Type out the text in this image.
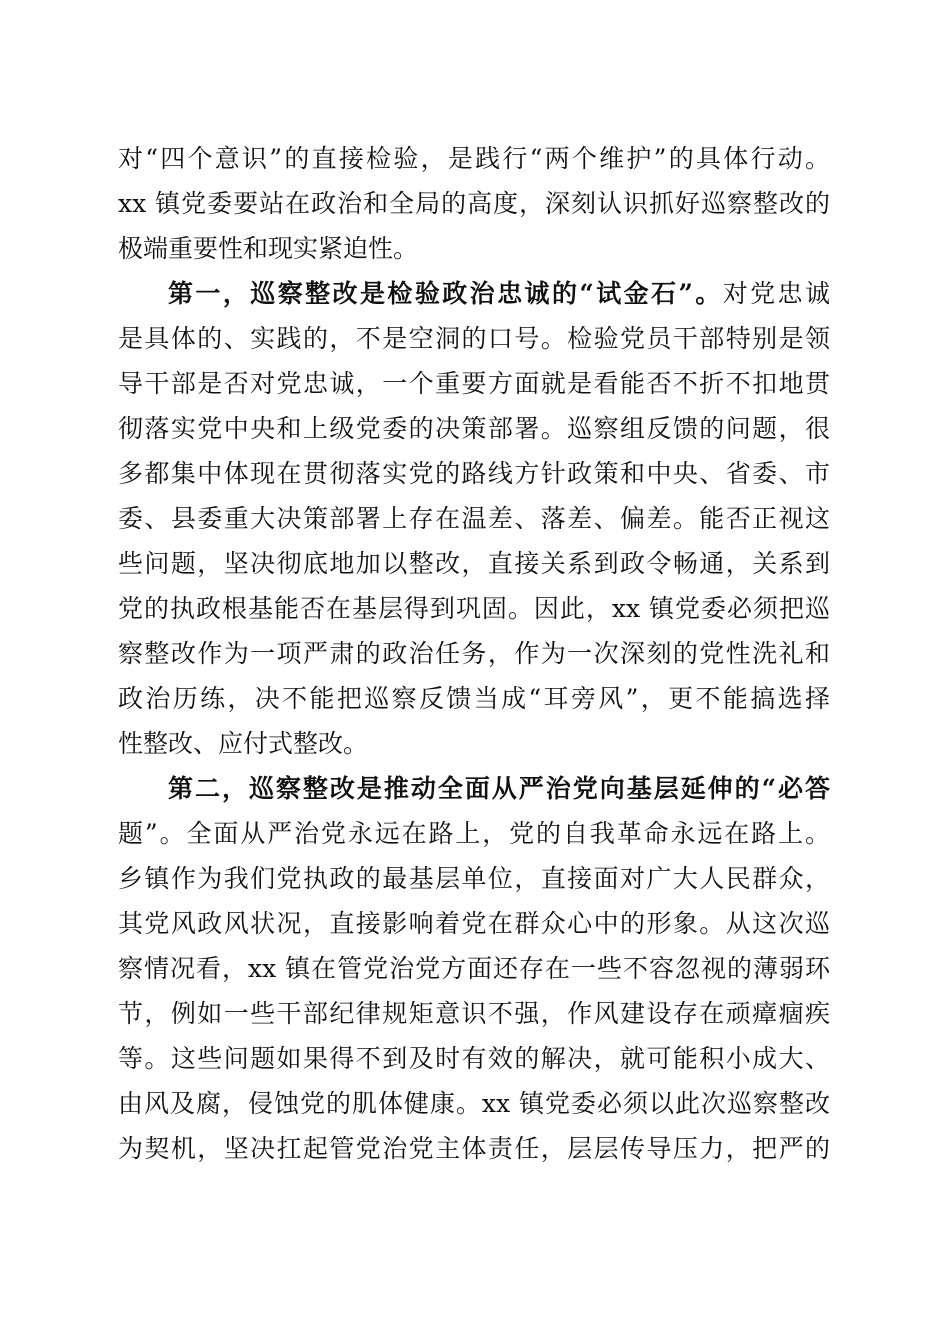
对“四个意识”的直接检验，是践行“两个维护”的具体行动。
xx 镇党委要站在政治和全局的高度，深刻认识抓好巡察整改的
极端重要性和现实紧迫性。
第一，巡察整改是检验政治忠诚的“试金石”。对党忠诚
是具体的、实践的，不是空洞的口号。检验党员干部特别是领
导干部是否对党忠诚，一个重要方面就是看能否不折不扣地贯
彻落实党中央和上级党委的决策部署。巡察组反馈的问题，很
多都集中体现在贯彻落实党的路线方针政策和中央、省委、市
委、县委重大决策部署上存在温差、落差、偏差。能否正视这
些问题，坚决彻底地加以整改，直接关系到政令畅通，关系到
党的执政根基能否在基层得到巩固。因此，xx 镇党委必须把巡
察整改作为一项严肃的政治任务，作为一次深刻的党性洗礼和
政治历练，决不能把巡察反馈当成“耳旁风”，更不能搞选择
性整改、应付式整改。
第二，巡察整改是推动全面从严治党向基层延伸的“必答
题”。全面从严治党永远在路上，党的自我革命永远在路上。
乡镇作为我们党执政的最基层单位，直接面对广大人民群众，
其党风政风状况，直接影响着党在群众心中的形象。从这次巡
察情况看，xx 镇在管党治党方面还存在一些不容忽视的薄弱环
节，例如一些干部纪律规矩意识不强，作风建设存在顽瘴痼疾
等。这些问题如果得不到及时有效的解决，就可能积小成大、
由风及腐，侵蚀党的肌体健康。xx 镇党委必须以此次巡察整改
为契机，坚决扛起管党治党主体责任，层层传导压力，把严的
